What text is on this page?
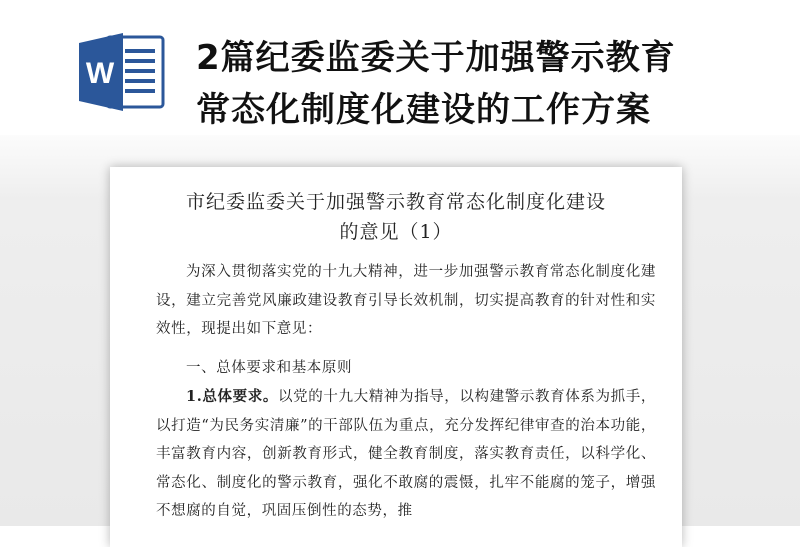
W 2篇纪委监委关于加强警示教育
常态化制度化建设的工作方案
市纪委监委关于加强警示教育常态化制度化建设
的意见（1）
为深入贯彻落实党的十九大精神，进一步加强警示教育常态化制度化建设，建立完善党风廉政建设教育引导长效机制，切实提高教育的针对性和实效性，现提出如下意见：
一、总体要求和基本原则
1.总体要求。以党的十九大精神为指导，以构建警示教育体系为抓手，以打造“为民务实清廉”的干部队伍为重点，充分发挥纪律审查的治本功能，丰富教育内容，创新教育形式，健全教育制度，落实教育责任，以科学化、常态化、制度化的警示教育，强化不敢腐的震慑，扎牢不能腐的笼子，增强不想腐的自觉，巩固压倒性的态势，推
